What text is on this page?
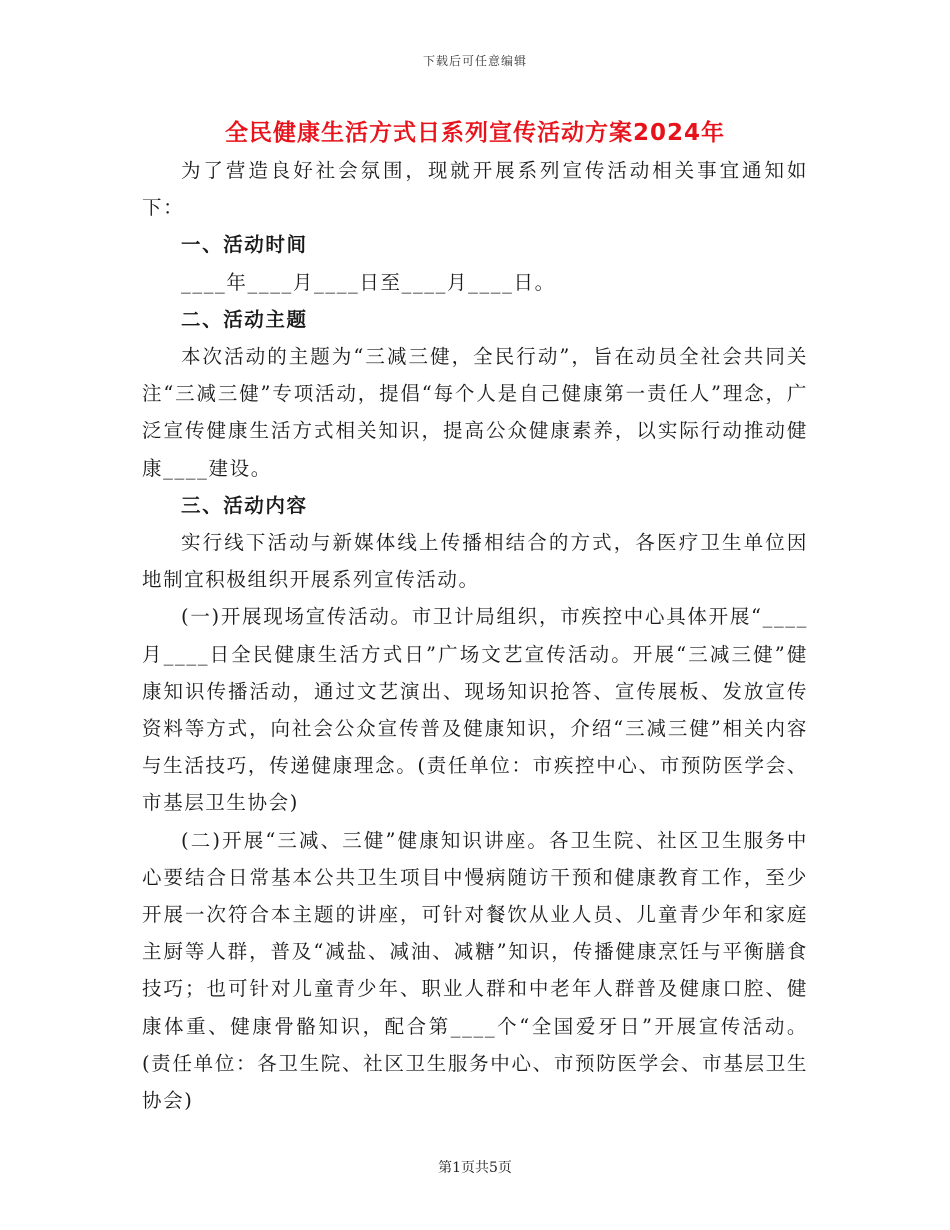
下载后可任意编辑
全民健康生活方式日系列宣传活动方案2024年

为了营造良好社会氛围，现就开展系列宣传活动相关事宜通知如下：

一、活动时间

____年____月____日至____月____日。

二、活动主题

本次活动的主题为“三减三健，全民行动”，旨在动员全社会共同关注“三减三健”专项活动，提倡“每个人是自己健康第一责任人”理念，广泛宣传健康生活方式相关知识，提高公众健康素养，以实际行动推动健康____建设。

三、活动内容

实行线下活动与新媒体线上传播相结合的方式，各医疗卫生单位因地制宜积极组织开展系列宣传活动。

(一)开展现场宣传活动。市卫计局组织，市疾控中心具体开展“____月____日全民健康生活方式日”广场文艺宣传活动。开展“三减三健”健康知识传播活动，通过文艺演出、现场知识抢答、宣传展板、发放宣传资料等方式，向社会公众宣传普及健康知识，介绍“三减三健”相关内容与生活技巧，传递健康理念。(责任单位：市疾控中心、市预防医学会、市基层卫生协会)

(二)开展“三减、三健”健康知识讲座。各卫生院、社区卫生服务中心要结合日常基本公共卫生项目中慢病随访干预和健康教育工作，至少开展一次符合本主题的讲座，可针对餐饮从业人员、儿童青少年和家庭主厨等人群，普及“减盐、减油、减糖”知识，传播健康烹饪与平衡膳食技巧；也可针对儿童青少年、职业人群和中老年人群普及健康口腔、健康体重、健康骨骼知识，配合第____个“全国爱牙日”开展宣传活动。(责任单位：各卫生院、社区卫生服务中心、市预防医学会、市基层卫生协会)

第1页共5页
